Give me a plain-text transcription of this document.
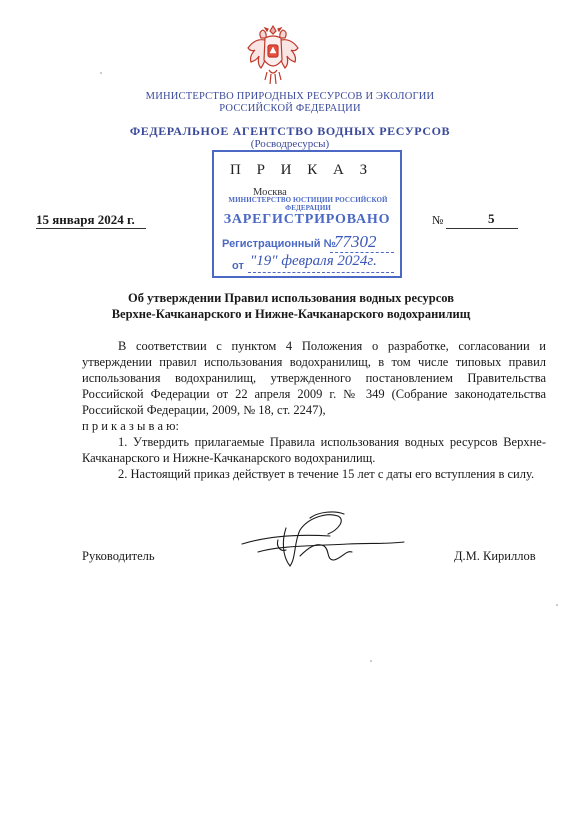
МИНИСТЕРСТВО ПРИРОДНЫХ РЕСУРСОВ И ЭКОЛОГИИ
РОССИЙСКОЙ ФЕДЕРАЦИИ
ФЕДЕРАЛЬНОЕ АГЕНТСТВО ВОДНЫХ РЕСУРСОВ
(Росводресурсы)
П Р И К А З
Москва
15 января 2024 г.	№	5
МИНИСТЕРСТВО ЮСТИЦИИ РОССИЙСКОЙ ФЕДЕРАЦИИ
ЗАРЕГИСТРИРОВАНО
Регистрационный №
77302
от "19" февраля 2024г.
Об утверждении Правил использования водных ресурсов
Верхне-Качканарского и Нижне-Качканарского водохранилищ

В соответствии с пунктом 4 Положения о разработке, согласовании и утверждении правил использования водохранилищ, в том числе типовых правил использования водохранилищ, утвержденного постановлением Правительства Российской Федерации от 22 апреля 2009 г. № 349 (Собрание законодательства Российской Федерации, 2009, № 18, ст. 2247),

п р и к а з ы в а ю:

1. Утвердить прилагаемые Правила использования водных ресурсов Верхне-Качканарского и Нижне-Качканарского водохранилищ.

2. Настоящий приказ действует в течение 15 лет с даты его вступления в силу.

Руководитель	Д.М. Кириллов
